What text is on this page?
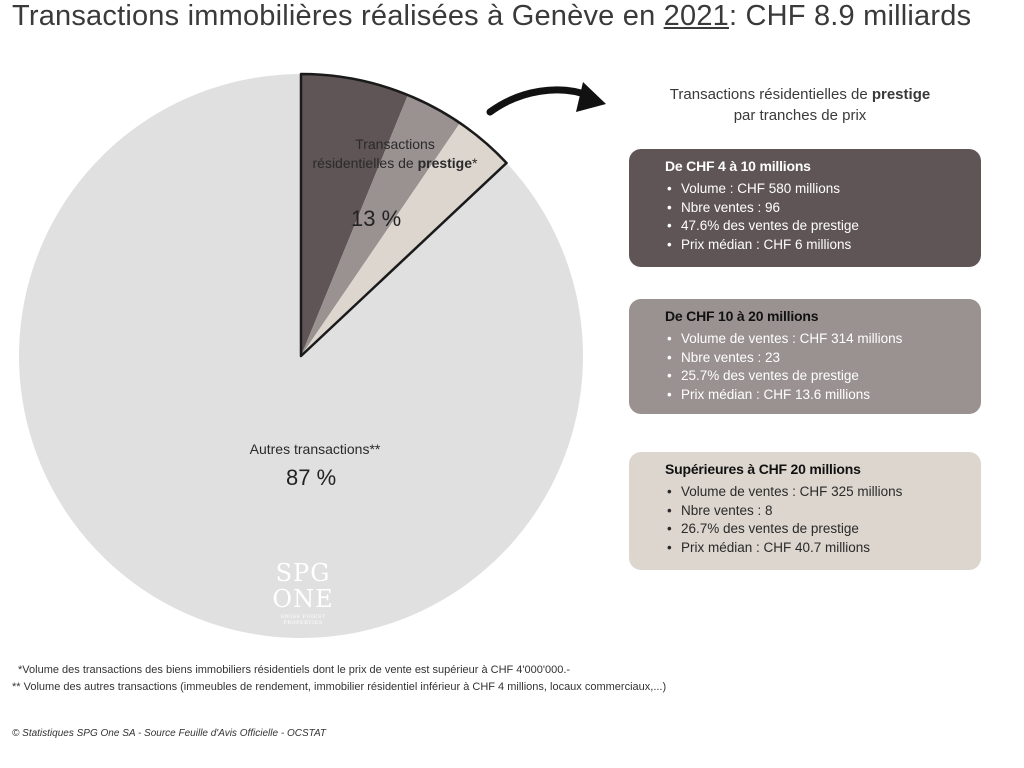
Transactions immobilières réalisées à Genève en 2021: CHF 8.9 milliards
Transactions
résidentielles de prestige*
13 %
Autres transactions**
87 %
SPG
ONE
SWISS FINEST PROPERTIES
Transactions résidentielles de prestige
par tranches de prix
De CHF 4 à 10 millions
• Volume : CHF 580 millions
• Nbre ventes : 96
• 47.6% des ventes de prestige
• Prix médian : CHF 6 millions
De CHF 10 à 20 millions
• Volume de ventes : CHF 314 millions
• Nbre ventes : 23
• 25.7% des ventes de prestige
• Prix médian : CHF 13.6 millions
Supérieures à CHF 20 millions
• Volume de ventes : CHF 325 millions
• Nbre ventes : 8
• 26.7% des ventes de prestige
• Prix médian : CHF 40.7 millions
*Volume des transactions des biens immobiliers résidentiels dont le prix de vente est supérieur à CHF 4'000'000.-
** Volume des autres transactions (immeubles de rendement, immobilier résidentiel inférieur à CHF 4 millions, locaux commerciaux,...)
© Statistiques SPG One SA - Source Feuille d'Avis Officielle - OCSTAT
